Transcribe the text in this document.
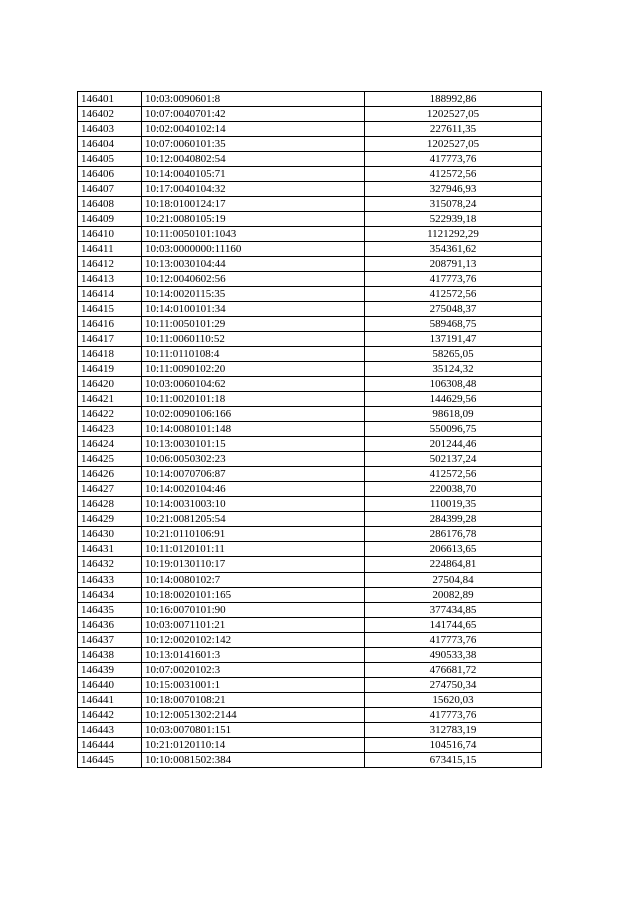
146401	10:03:0090601:8	188992,86
146402	10:07:0040701:42	1202527,05
146403	10:02:0040102:14	227611,35
146404	10:07:0060101:35	1202527,05
146405	10:12:0040802:54	417773,76
146406	10:14:0040105:71	412572,56
146407	10:17:0040104:32	327946,93
146408	10:18:0100124:17	315078,24
146409	10:21:0080105:19	522939,18
146410	10:11:0050101:1043	1121292,29
146411	10:03:0000000:11160	354361,62
146412	10:13:0030104:44	208791,13
146413	10:12:0040602:56	417773,76
146414	10:14:0020115:35	412572,56
146415	10:14:0100101:34	275048,37
146416	10:11:0050101:29	589468,75
146417	10:11:0060110:52	137191,47
146418	10:11:0110108:4	58265,05
146419	10:11:0090102:20	35124,32
146420	10:03:0060104:62	106308,48
146421	10:11:0020101:18	144629,56
146422	10:02:0090106:166	98618,09
146423	10:14:0080101:148	550096,75
146424	10:13:0030101:15	201244,46
146425	10:06:0050302:23	502137,24
146426	10:14:0070706:87	412572,56
146427	10:14:0020104:46	220038,70
146428	10:14:0031003:10	110019,35
146429	10:21:0081205:54	284399,28
146430	10:21:0110106:91	286176,78
146431	10:11:0120101:11	206613,65
146432	10:19:0130110:17	224864,81
146433	10:14:0080102:7	27504,84
146434	10:18:0020101:165	20082,89
146435	10:16:0070101:90	377434,85
146436	10:03:0071101:21	141744,65
146437	10:12:0020102:142	417773,76
146438	10:13:0141601:3	490533,38
146439	10:07:0020102:3	476681,72
146440	10:15:0031001:1	274750,34
146441	10:18:0070108:21	15620,03
146442	10:12:0051302:2144	417773,76
146443	10:03:0070801:151	312783,19
146444	10:21:0120110:14	104516,74
146445	10:10:0081502:384	673415,15
